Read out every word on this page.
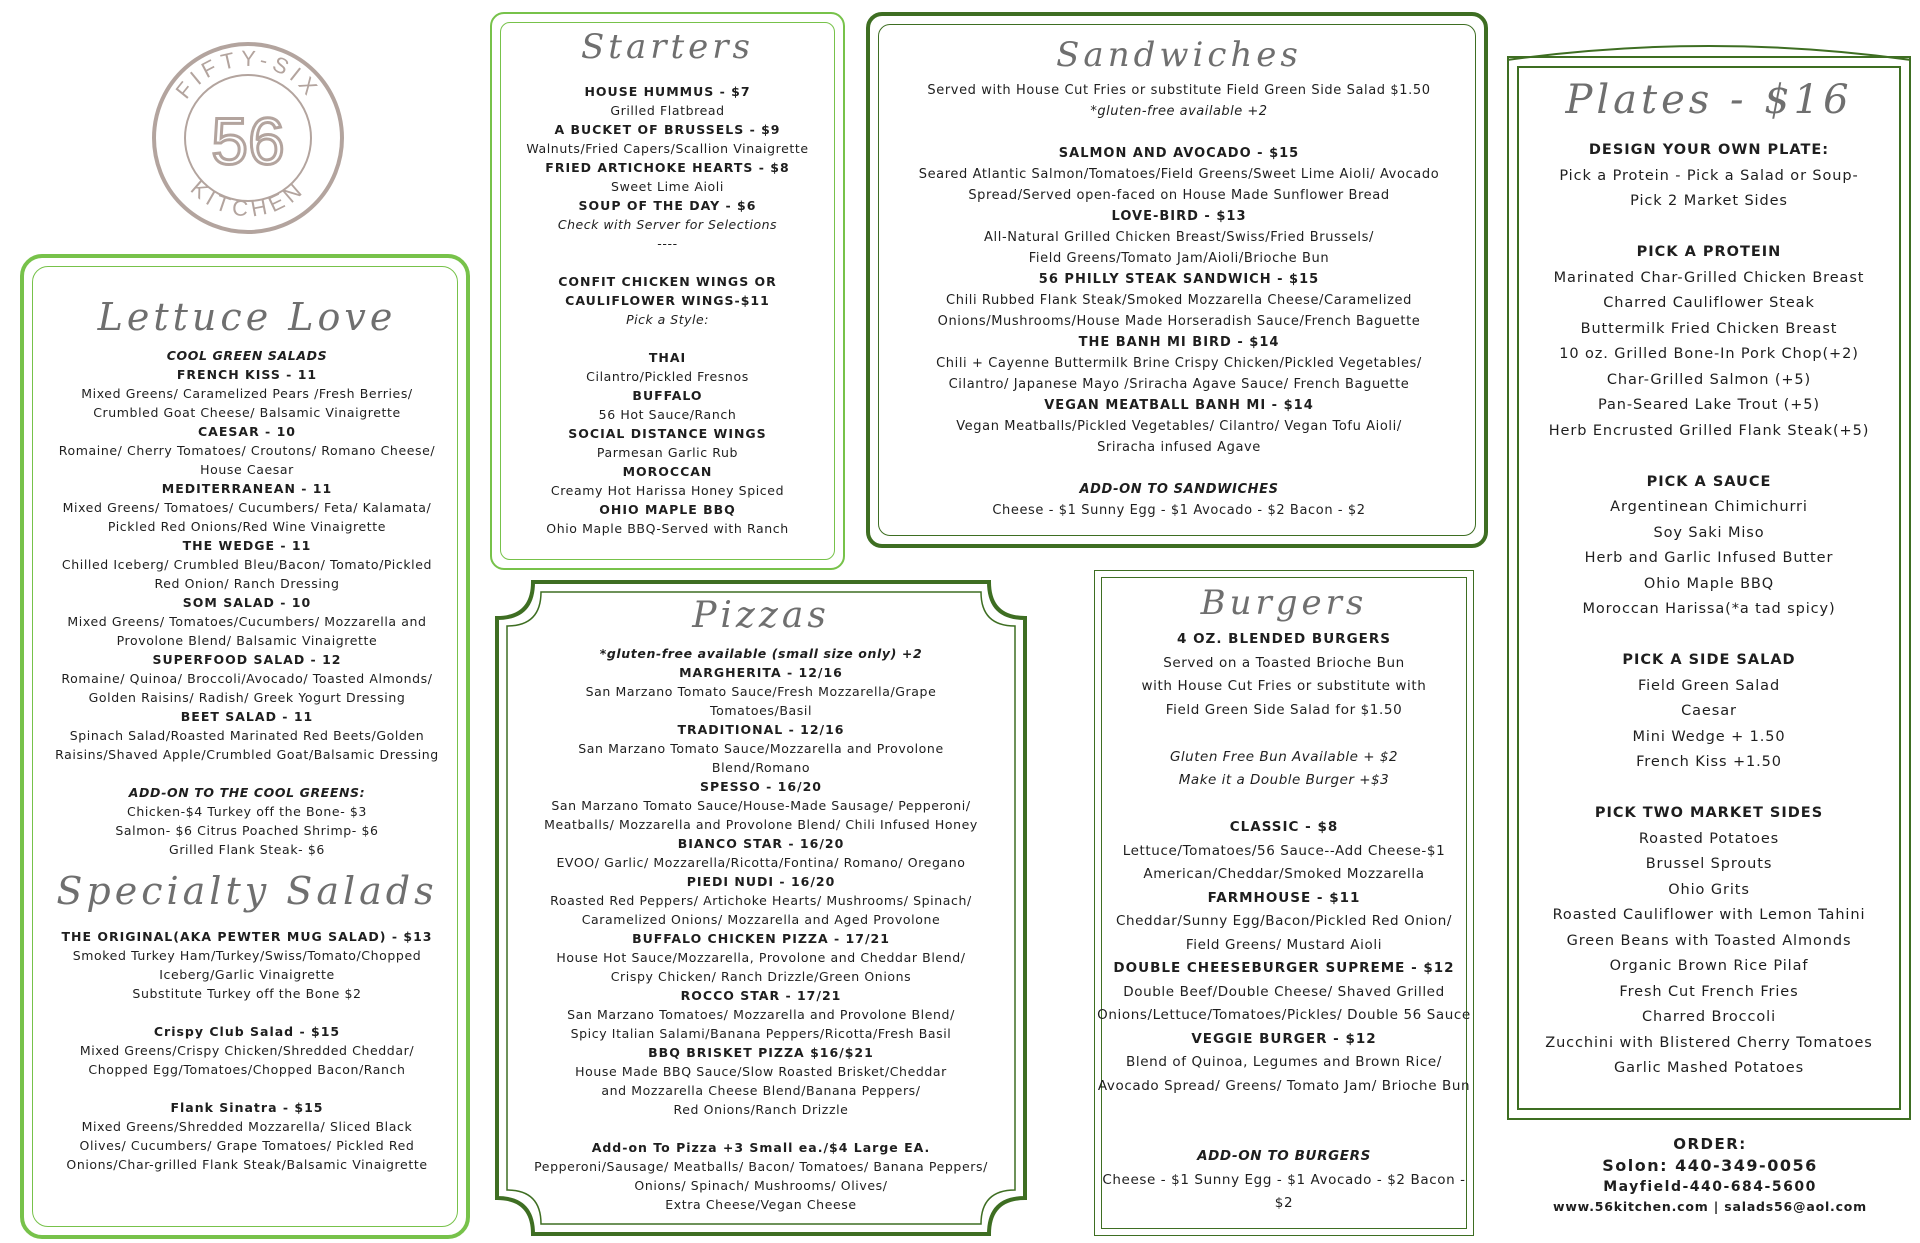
FIFTY-SIX
KITCHEN
56
Lettuce Love
COOL GREEN SALADS
FRENCH KISS - 11
Mixed Greens/ Caramelized Pears /Fresh Berries/
Crumbled Goat Cheese/ Balsamic Vinaigrette
CAESAR - 10
Romaine/ Cherry Tomatoes/ Croutons/ Romano Cheese/
House Caesar
MEDITERRANEAN - 11
Mixed Greens/ Tomatoes/ Cucumbers/ Feta/ Kalamata/
Pickled Red Onions/Red Wine Vinaigrette
THE WEDGE - 11
Chilled Iceberg/ Crumbled Bleu/Bacon/ Tomato/Pickled
Red Onion/ Ranch Dressing
SOM SALAD - 10
Mixed Greens/ Tomatoes/Cucumbers/ Mozzarella and
Provolone Blend/ Balsamic Vinaigrette
SUPERFOOD SALAD - 12
Romaine/ Quinoa/ Broccoli/Avocado/ Toasted Almonds/
Golden Raisins/ Radish/ Greek Yogurt Dressing
BEET SALAD - 11
Spinach Salad/Roasted Marinated Red Beets/Golden
Raisins/Shaved Apple/Crumbled Goat/Balsamic Dressing
ADD-ON TO THE COOL GREENS:
Chicken-$4 Turkey off the Bone- $3
Salmon- $6 Citrus Poached Shrimp- $6
Grilled Flank Steak- $6
Specialty Salads
THE ORIGINAL(AKA PEWTER MUG SALAD) - $13
Smoked Turkey Ham/Turkey/Swiss/Tomato/Chopped
Iceberg/Garlic Vinaigrette
Substitute Turkey off the Bone $2
Crispy Club Salad - $15
Mixed Greens/Crispy Chicken/Shredded Cheddar/
Chopped Egg/Tomatoes/Chopped Bacon/Ranch
Flank Sinatra - $15
Mixed Greens/Shredded Mozzarella/ Sliced Black
Olives/ Cucumbers/ Grape Tomatoes/ Pickled Red
Onions/Char-grilled Flank Steak/Balsamic Vinaigrette
Starters
HOUSE HUMMUS - $7
Grilled Flatbread
A BUCKET OF BRUSSELS - $9
Walnuts/Fried Capers/Scallion Vinaigrette
FRIED ARTICHOKE HEARTS - $8
Sweet Lime Aioli
SOUP OF THE DAY - $6
Check with Server for Selections
----
CONFIT CHICKEN WINGS OR
CAULIFLOWER WINGS-$11
Pick a Style:
THAI
Cilantro/Pickled Fresnos
BUFFALO
56 Hot Sauce/Ranch
SOCIAL DISTANCE WINGS
Parmesan Garlic Rub
MOROCCAN
Creamy Hot Harissa Honey Spiced
OHIO MAPLE BBQ
Ohio Maple BBQ-Served with Ranch
Sandwiches
Served with House Cut Fries or substitute Field Green Side Salad $1.50
*gluten-free available +2
SALMON AND AVOCADO - $15
Seared Atlantic Salmon/Tomatoes/Field Greens/Sweet Lime Aioli/ Avocado
Spread/Served open-faced on House Made Sunflower Bread
LOVE-BIRD - $13
All-Natural Grilled Chicken Breast/Swiss/Fried Brussels/
Field Greens/Tomato Jam/Aioli/Brioche Bun
56 PHILLY STEAK SANDWICH - $15
Chili Rubbed Flank Steak/Smoked Mozzarella Cheese/Caramelized
Onions/Mushrooms/House Made Horseradish Sauce/French Baguette
THE BANH MI BIRD - $14
Chili + Cayenne Buttermilk Brine Crispy Chicken/Pickled Vegetables/
Cilantro/ Japanese Mayo /Sriracha Agave Sauce/ French Baguette
VEGAN MEATBALL BANH MI - $14
Vegan Meatballs/Pickled Vegetables/ Cilantro/ Vegan Tofu Aioli/
Sriracha infused Agave
ADD-ON TO SANDWICHES
Cheese - $1 Sunny Egg - $1 Avocado - $2 Bacon - $2
Pizzas
*gluten-free available (small size only) +2
MARGHERITA - 12/16
San Marzano Tomato Sauce/Fresh Mozzarella/Grape
Tomatoes/Basil
TRADITIONAL - 12/16
San Marzano Tomato Sauce/Mozzarella and Provolone
Blend/Romano
SPESSO - 16/20
San Marzano Tomato Sauce/House-Made Sausage/ Pepperoni/
Meatballs/ Mozzarella and Provolone Blend/ Chili Infused Honey
BIANCO STAR - 16/20
EVOO/ Garlic/ Mozzarella/Ricotta/Fontina/ Romano/ Oregano
PIEDI NUDI - 16/20
Roasted Red Peppers/ Artichoke Hearts/ Mushrooms/ Spinach/
Caramelized Onions/ Mozzarella and Aged Provolone
BUFFALO CHICKEN PIZZA - 17/21
House Hot Sauce/Mozzarella, Provolone and Cheddar Blend/
Crispy Chicken/ Ranch Drizzle/Green Onions
ROCCO STAR - 17/21
San Marzano Tomatoes/ Mozzarella and Provolone Blend/
Spicy Italian Salami/Banana Peppers/Ricotta/Fresh Basil
BBQ BRISKET PIZZA $16/$21
House Made BBQ Sauce/Slow Roasted Brisket/Cheddar
and Mozzarella Cheese Blend/Banana Peppers/
Red Onions/Ranch Drizzle
Add-on To Pizza +3 Small ea./$4 Large EA.
Pepperoni/Sausage/ Meatballs/ Bacon/ Tomatoes/ Banana Peppers/
Onions/ Spinach/ Mushrooms/ Olives/
Extra Cheese/Vegan Cheese
Burgers
4 OZ. BLENDED BURGERS
Served on a Toasted Brioche Bun
with House Cut Fries or substitute with
Field Green Side Salad for $1.50
Gluten Free Bun Available + $2
Make it a Double Burger +$3
CLASSIC - $8
Lettuce/Tomatoes/56 Sauce--Add Cheese-$1
American/Cheddar/Smoked Mozzarella
FARMHOUSE - $11
Cheddar/Sunny Egg/Bacon/Pickled Red Onion/
Field Greens/ Mustard Aioli
DOUBLE CHEESEBURGER SUPREME - $12
Double Beef/Double Cheese/ Shaved Grilled
Onions/Lettuce/Tomatoes/Pickles/ Double 56 Sauce
VEGGIE BURGER - $12
Blend of Quinoa, Legumes and Brown Rice/
Avocado Spread/ Greens/ Tomato Jam/ Brioche Bun
ADD-ON TO BURGERS
Cheese - $1 Sunny Egg - $1 Avocado - $2 Bacon - $2
Plates - $16
DESIGN YOUR OWN PLATE:
Pick a Protein - Pick a Salad or Soup-
Pick 2 Market Sides
PICK A PROTEIN
Marinated Char-Grilled Chicken Breast
Charred Cauliflower Steak
Buttermilk Fried Chicken Breast
10 oz. Grilled Bone-In Pork Chop(+2)
Char-Grilled Salmon (+5)
Pan-Seared Lake Trout (+5)
Herb Encrusted Grilled Flank Steak(+5)
PICK A SAUCE
Argentinean Chimichurri
Soy Saki Miso
Herb and Garlic Infused Butter
Ohio Maple BBQ
Moroccan Harissa(*a tad spicy)
PICK A SIDE SALAD
Field Green Salad
Caesar
Mini Wedge + 1.50
French Kiss +1.50
PICK TWO MARKET SIDES
Roasted Potatoes
Brussel Sprouts
Ohio Grits
Roasted Cauliflower with Lemon Tahini
Green Beans with Toasted Almonds
Organic Brown Rice Pilaf
Fresh Cut French Fries
Charred Broccoli
Zucchini with Blistered Cherry Tomatoes
Garlic Mashed Potatoes
ORDER:
Solon: 440-349-0056
Mayfield-440-684-5600
www.56kitchen.com | salads56@aol.com
